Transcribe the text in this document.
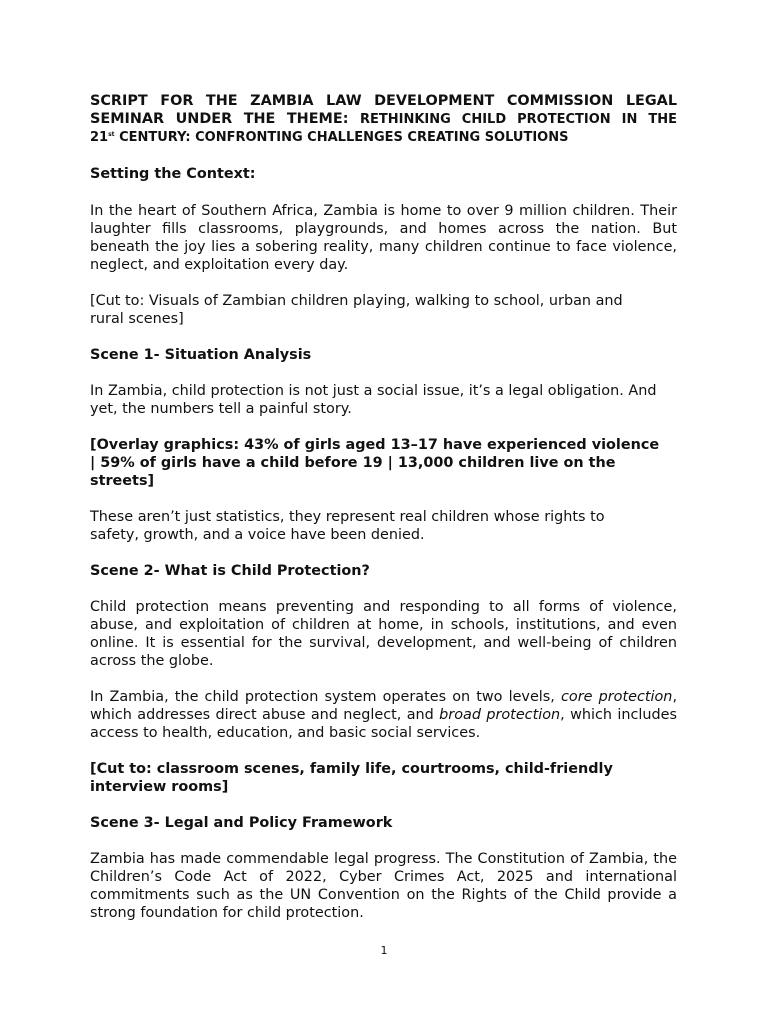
SCRIPT FOR THE ZAMBIA LAW DEVELOPMENT COMMISSION LEGAL

SEMINAR UNDER THE THEME: RETHINKING CHILD PROTECTION IN THE

21st CENTURY: CONFRONTING CHALLENGES CREATING SOLUTIONS

Setting the Context:

In the heart of Southern Africa, Zambia is home to over 9 million children. Their laughter fills classrooms, playgrounds, and homes across the nation. But beneath the joy lies a sobering reality, many children continue to face violence, neglect, and exploitation every day.

[Cut to: Visuals of Zambian children playing, walking to school, urban and rural scenes]

Scene 1- Situation Analysis

In Zambia, child protection is not just a social issue, it’s a legal obligation. And yet, the numbers tell a painful story.

[Overlay graphics: 43% of girls aged 13–17 have experienced violence | 59% of girls have a child before 19 | 13,000 children live on the streets]

These aren’t just statistics, they represent real children whose rights to safety, growth, and a voice have been denied.

Scene 2- What is Child Protection?

Child protection means preventing and responding to all forms of violence, abuse, and exploitation of children at home, in schools, institutions, and even online. It is essential for the survival, development, and well-being of children across the globe.

In Zambia, the child protection system operates on two levels, core protection, which addresses direct abuse and neglect, and broad protection, which includes access to health, education, and basic social services.

[Cut to: classroom scenes, family life, courtrooms, child-friendly interview rooms]

Scene 3- Legal and Policy Framework

Zambia has made commendable legal progress. The Constitution of Zambia, the Children’s Code Act of 2022, Cyber Crimes Act, 2025 and international commitments such as the UN Convention on the Rights of the Child provide a strong foundation for child protection.

1
